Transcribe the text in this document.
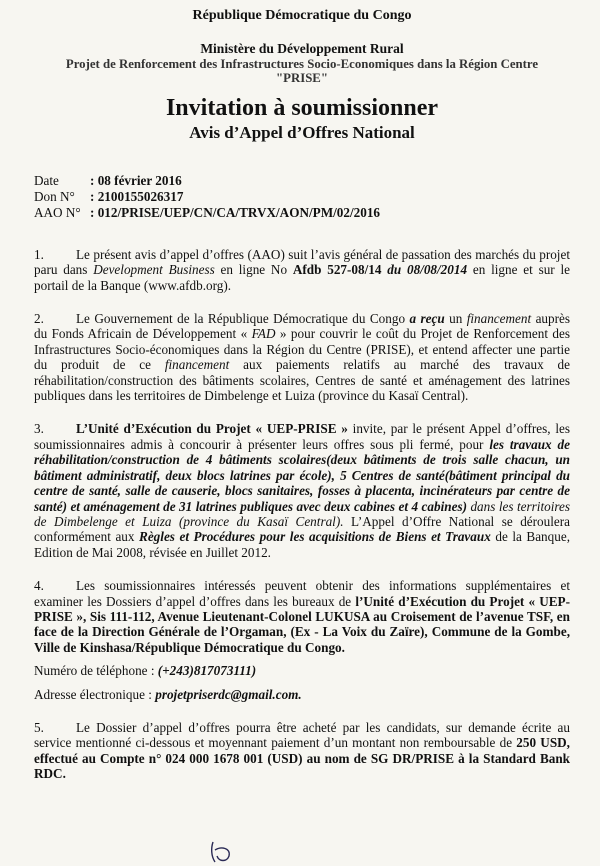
République Démocratique du Congo
Ministère du Développement Rural
Projet de Renforcement des Infrastructures Socio-Economiques dans la Région Centre
"PRISE"
Invitation à soumissionner
Avis d’Appel d’Offres National
Date	: 08 février 2016
Don N°	: 2100155026317
AAO N° : 012/PRISE/UEP/CN/CA/TRVX/AON/PM/02/2016
1. Le présent avis d’appel d’offres (AAO) suit l’avis général de passation des marchés du projet paru dans Development Business en ligne No Afdb 527-08/14 du 08/08/2014 en ligne et sur le portail de la Banque (www.afdb.org).
2. Le Gouvernement de la République Démocratique du Congo a reçu un financement auprès du Fonds Africain de Développement « FAD » pour couvrir le coût du Projet de Renforcement des Infrastructures Socio-économiques dans la Région du Centre (PRISE), et entend affecter une partie du produit de ce financement aux paiements relatifs au marché des travaux de réhabilitation/construction des bâtiments scolaires, Centres de santé et aménagement des latrines publiques dans les territoires de Dimbelenge et Luiza (province du Kasaï Central).
3. L’Unité d’Exécution du Projet « UEP-PRISE » invite, par le présent Appel d’offres, les soumissionnaires admis à concourir à présenter leurs offres sous pli fermé, pour les travaux de réhabilitation/construction de 4 bâtiments scolaires(deux bâtiments de trois salle chacun, un bâtiment administratif, deux blocs latrines par école), 5 Centres de santé(bâtiment principal du centre de santé, salle de causerie, blocs sanitaires, fosses à placenta, incinérateurs par centre de santé) et aménagement de 31 latrines publiques avec deux cabines et 4 cabines) dans les territoires de Dimbelenge et Luiza (province du Kasaï Central). L’Appel d’Offre National se déroulera conformément aux Règles et Procédures pour les acquisitions de Biens et Travaux de la Banque, Edition de Mai 2008, révisée en Juillet 2012.
4. Les soumissionnaires intéressés peuvent obtenir des informations supplémentaires et examiner les Dossiers d’appel d’offres dans les bureaux de l’Unité d’Exécution du Projet « UEP-PRISE », Sis 111-112, Avenue Lieutenant-Colonel LUKUSA au Croisement de l’avenue TSF, en face de la Direction Générale de l’Orgaman, (Ex - La Voix du Zaïre), Commune de la Gombe, Ville de Kinshasa/République Démocratique du Congo.
Numéro de téléphone : (+243)817073111)
Adresse électronique : projetpriserdc@gmail.com.
5. Le Dossier d’appel d’offres pourra être acheté par les candidats, sur demande écrite au service mentionné ci-dessous et moyennant paiement d’un montant non remboursable de 250 USD, effectué au Compte n° 024 000 1678 001 (USD) au nom de SG DR/PRISE à la Standard Bank RDC.
